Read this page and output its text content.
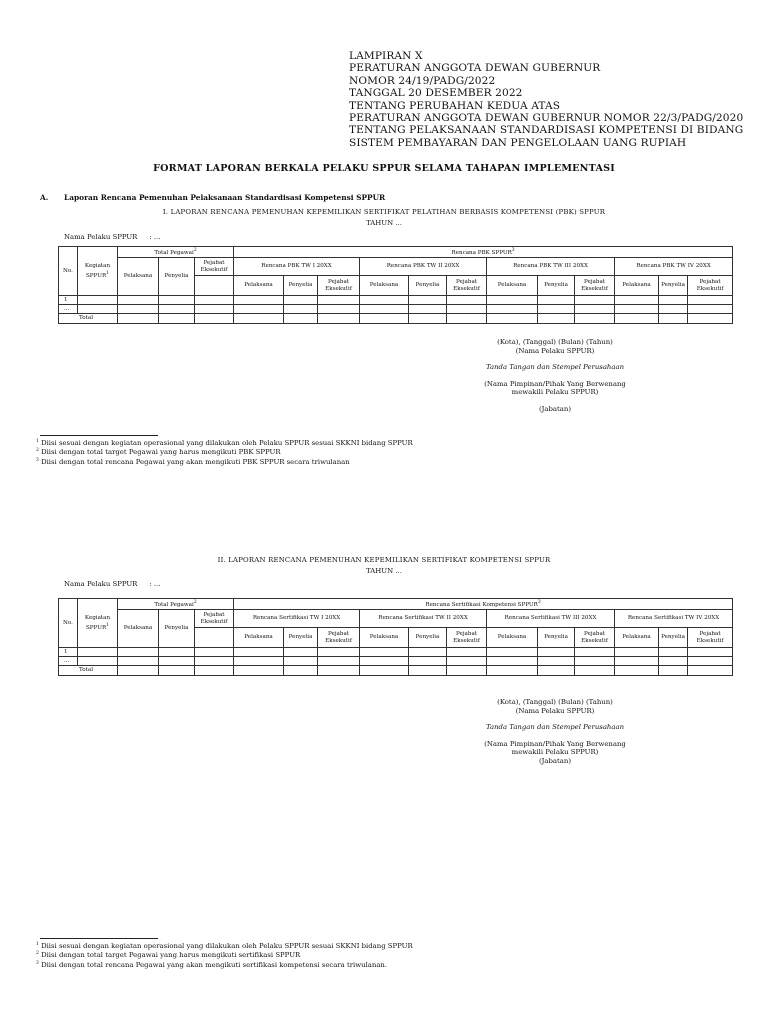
LAMPIRAN X
PERATURAN ANGGOTA DEWAN GUBERNUR
NOMOR 24/19/PADG/2022
TANGGAL 20 DESEMBER 2022
TENTANG PERUBAHAN KEDUA ATAS
PERATURAN ANGGOTA DEWAN GUBERNUR NOMOR 22/3/PADG/2020
TENTANG PELAKSANAAN STANDARDISASI KOMPETENSI DI BIDANG
SISTEM PEMBAYARAN DAN PENGELOLAAN UANG RUPIAH
FORMAT LAPORAN BERKALA PELAKU SPPUR SELAMA TAHAPAN IMPLEMENTASI
A. Laporan Rencana Pemenuhan Pelaksanaan Standardisasi Kompetensi SPPUR
I. LAPORAN RENCANA PEMENUHAN KEPEMILIKAN SERTIFIKAT PELATIHAN BERBASIS KOMPETENSI (PBK) SPPUR
TAHUN ...
Nama Pelaku SPPUR : ...
No.	Kegiatan SPPUR$^1$	Total Pegawai$^2$			Rencana PBK SPPUR$^3$
		Pelaksana	Penyelia	Pejabat Eksekutif	Rencana PBK TW I 20XX			Rencana PBK TW II 20XX			Rencana PBK TW III 20XX			Rencana PBK TW IV 20XX		
					Pelaksana	Penyelia	Pejabat Eksekutif	Pelaksana	Penyelia	Pejabat Eksekutif	Pelaksana	Penyelia	Pejabat Eksekutif	Pelaksana	Penyelia	Pejabat Eksekutif
1																
...																
Total																
(Kota), (Tanggal) (Bulan) (Tahun)
(Nama Pelaku SPPUR)
Tanda Tangan dan Stempel Perusahaan
(Nama Pimpinan/Pihak Yang Berwenang
mewakili Pelaku SPPUR)
(Jabatan)
$^1$ Diisi sesuai dengan kegiatan operasional yang dilakukan oleh Pelaku SPPUR sesuai SKKNI bidang SPPUR
$^2$ Diisi dengan total target Pegawai yang harus mengikuti PBK SPPUR
$^3$ Diisi dengan total rencana Pegawai yang akan mengikuti PBK SPPUR secara triwulanan
II. LAPORAN RENCANA PEMENUHAN KEPEMILIKAN SERTIFIKAT KOMPETENSI SPPUR
TAHUN ...
Nama Pelaku SPPUR : ...
No.	Kegiatan SPPUR$^1$	Total Pegawai$^2$			Rencana Sertifikasi Kompetensi SPPUR$^3$
		Pelaksana	Penyelia	Pejabat Eksekutif	Rencana Sertifikasi TW I 20XX			Rencana Sertifikasi TW II 20XX			Rencana Sertifikasi TW III 20XX			Rencana Sertifikasi TW IV 20XX		
					Pelaksana	Penyelia	Pejabat Eksekutif	Pelaksana	Penyelia	Pejabat Eksekutif	Pelaksana	Penyelia	Pejabat Eksekutif	Pelaksana	Penyelia	Pejabat Eksekutif
1																
...																
Total																
(Kota), (Tanggal) (Bulan) (Tahun)
(Nama Pelaku SPPUR)
Tanda Tangan dan Stempel Perusahaan
(Nama Pimpinan/Pihak Yang Berwenang
mewakili Pelaku SPPUR)
(Jabatan)
$^1$ Diisi sesuai dengan kegiatan operasional yang dilakukan oleh Pelaku SPPUR sesuai SKKNI bidang SPPUR
$^2$ Diisi dengan total target Pegawai yang harus mengikuti sertifikasi SPPUR
$^3$ Diisi dengan total rencana Pegawai yang akan mengikuti sertifikasi kompetensi secara triwulanan.
